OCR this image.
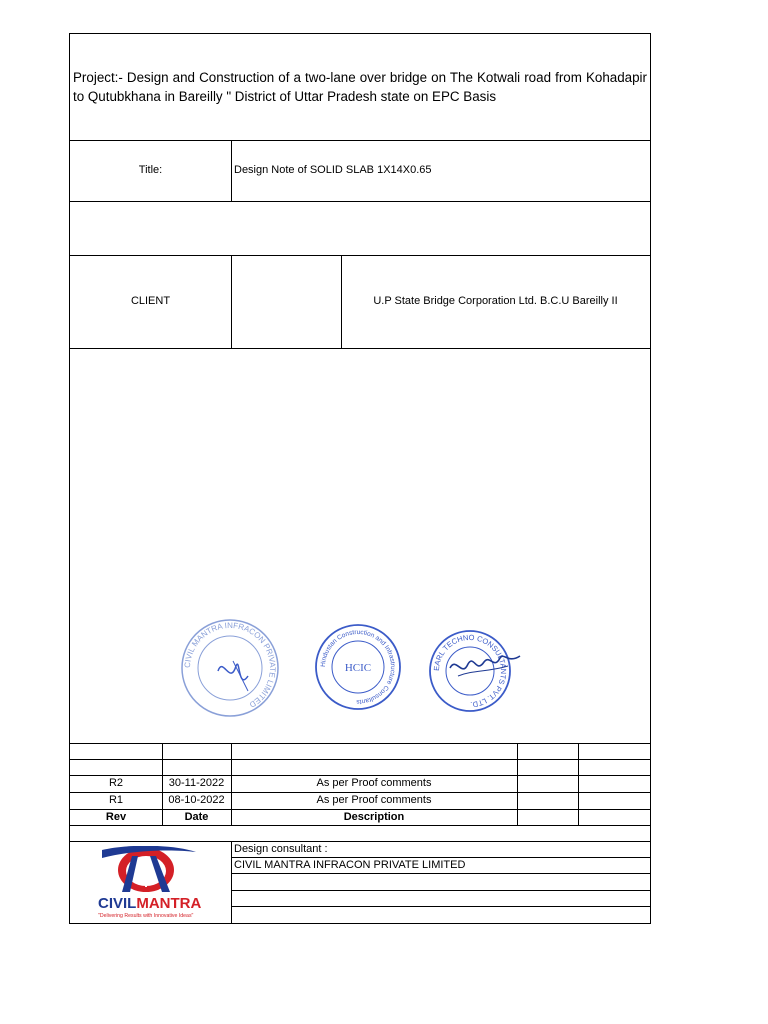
Project:- Design and Construction of a two-lane over bridge on The Kotwali road from Kohadapir to Qutubkhana in Bareilly " District of Uttar Pradesh state on EPC Basis
Title:	Design Note of SOLID SLAB 1X14X0.65
CLIENT	U.P State Bridge Corporation Ltd. B.C.U Bareilly II
CIVIL MANTRA INFRACON PRIVATE LIMITED
Hindustan Construction and Infrastructure Consultants
HCIC	EARL TECHNO CONSULTANTS PVT. LTD.
R2	30-11-2022	As per Proof comments
R1	08-10-2022	As per Proof comments
Rev	Date	Description
Design consultant :
CIVIL MANTRA INFRACON PRIVATE LIMITED
CIVILMANTRA
"Delivering Results with Innovative Ideas"
